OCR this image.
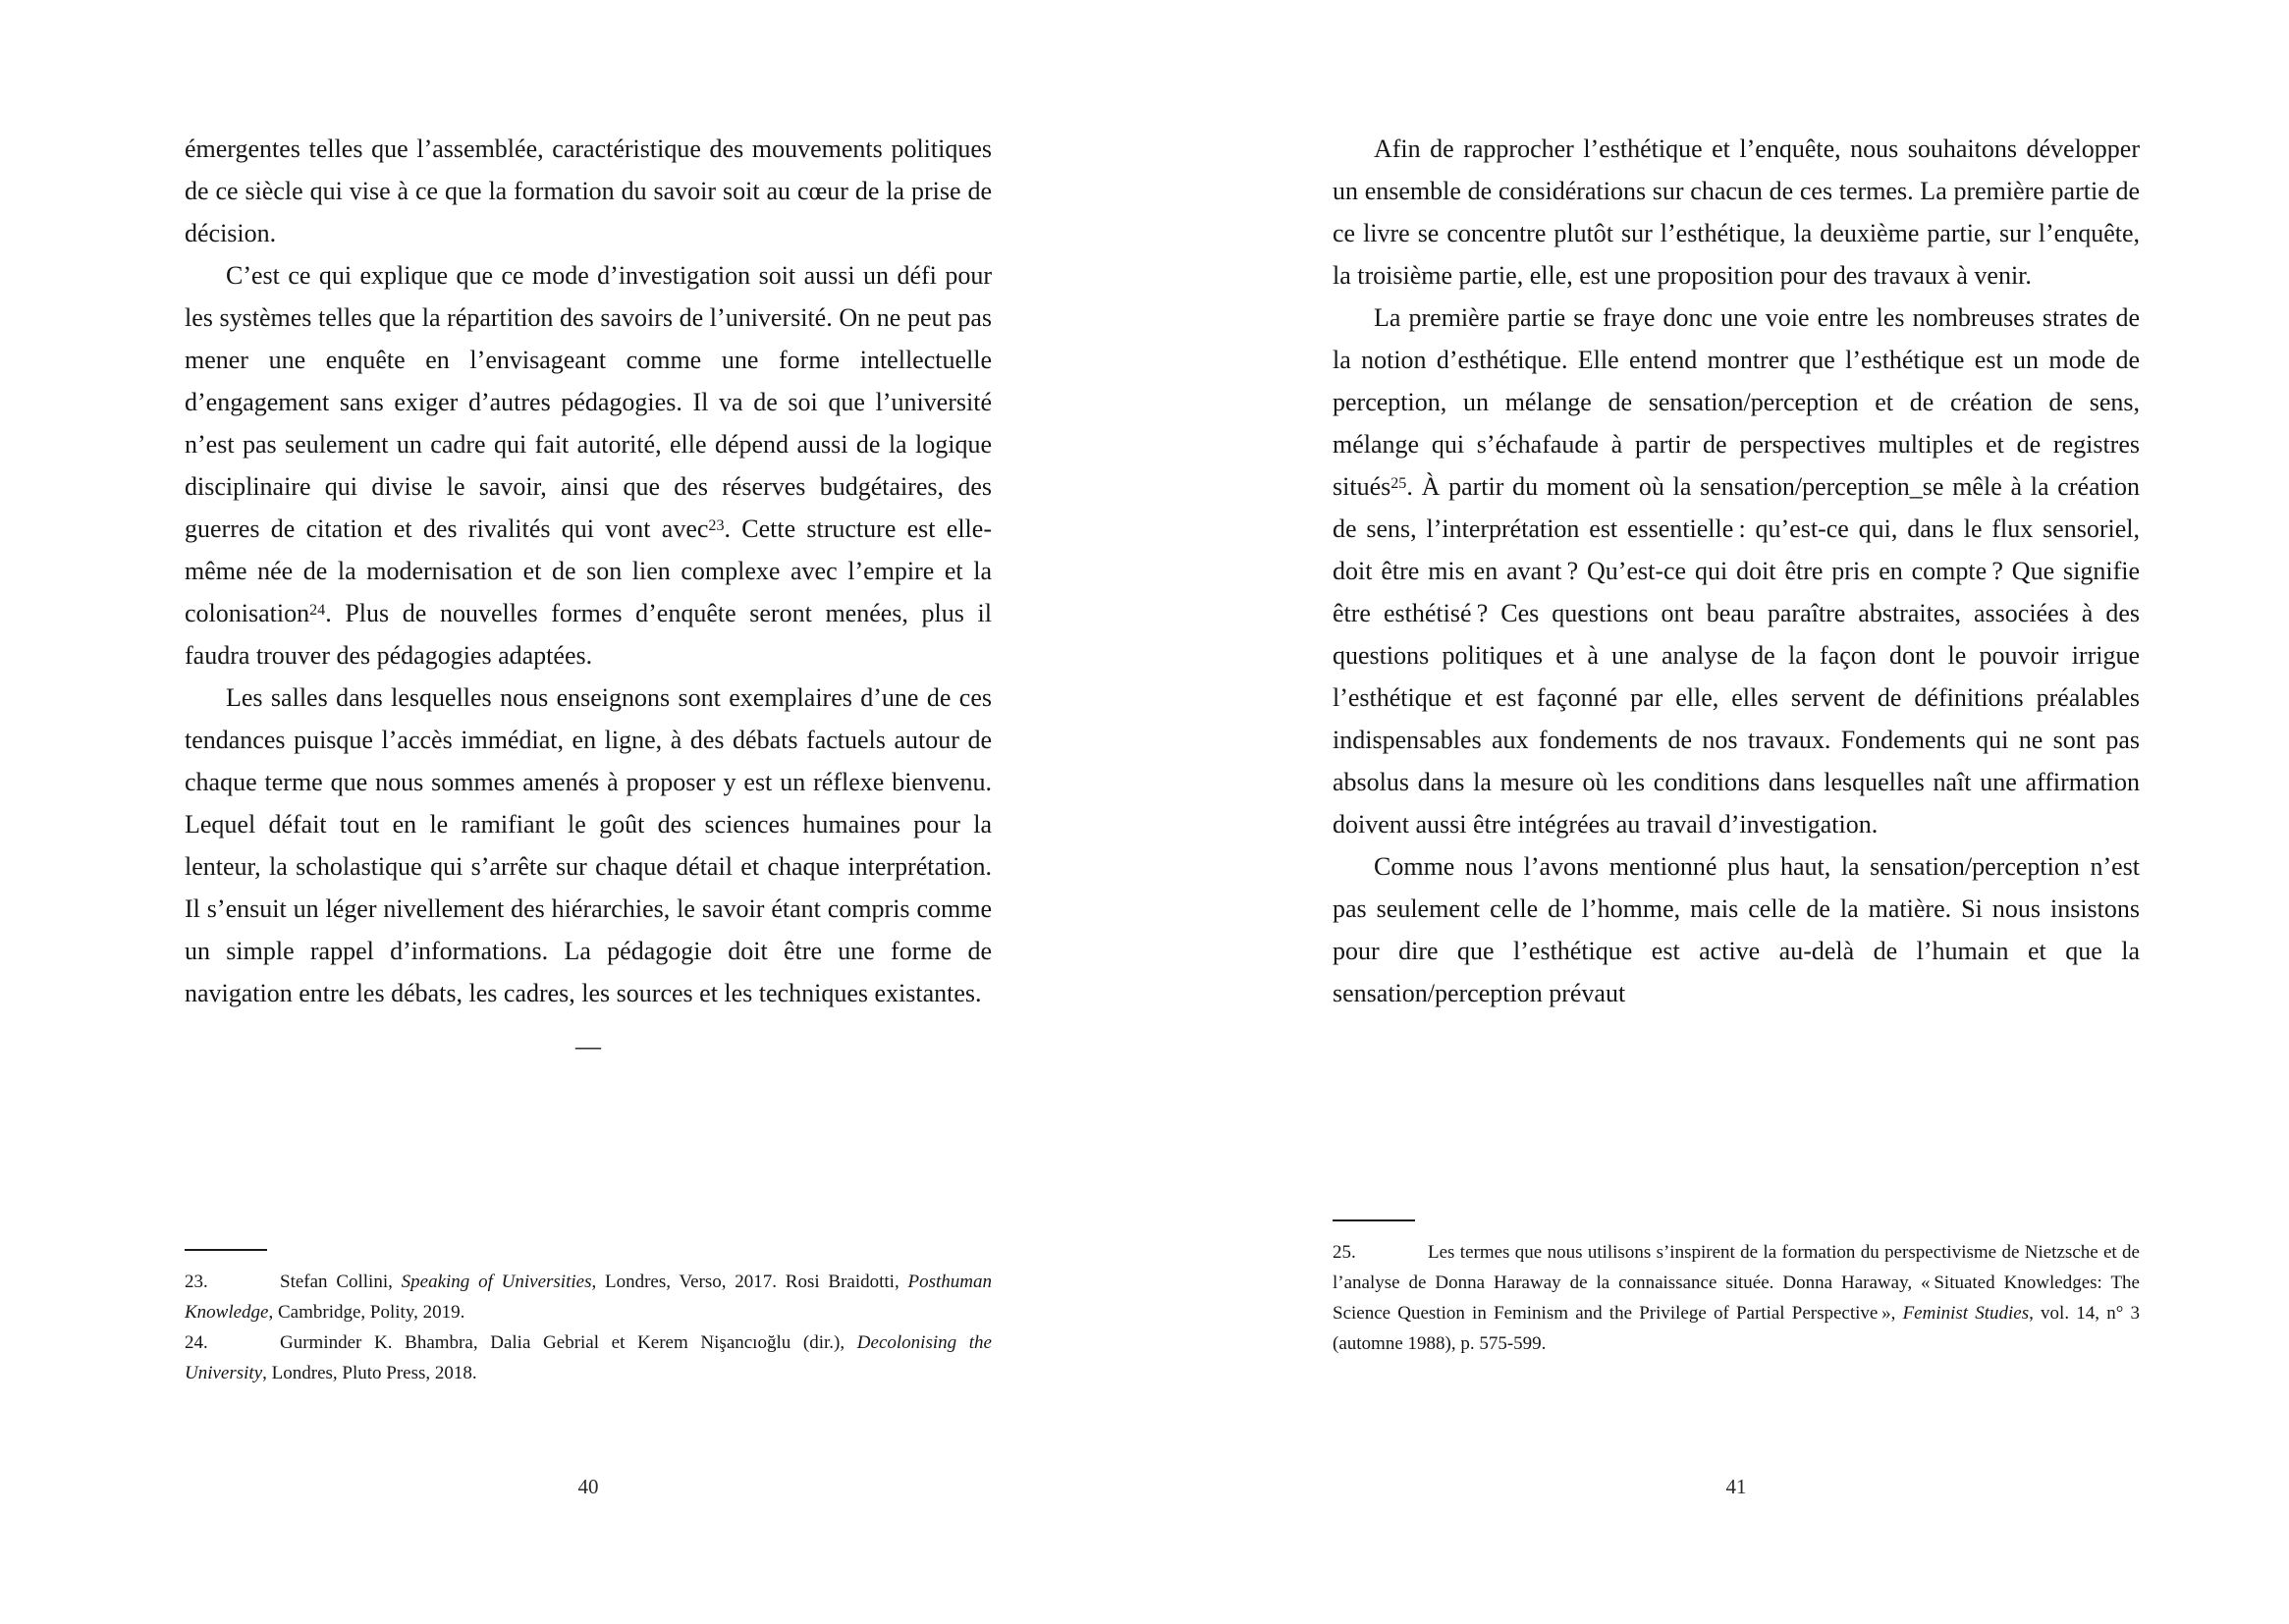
émergentes telles que l’assemblée, caractéristique des mouvements politiques de ce siècle qui vise à ce que la formation du savoir soit au cœur de la prise de décision.

C’est ce qui explique que ce mode d’investigation soit aussi un défi pour les systèmes telles que la répartition des savoirs de l’université. On ne peut pas mener une enquête en l’envisageant comme une forme intellectuelle d’engagement sans exiger d’autres pédagogies. Il va de soi que l’université n’est pas seulement un cadre qui fait autorité, elle dépend aussi de la logique disciplinaire qui divise le savoir, ainsi que des réserves budgétaires, des guerres de citation et des rivalités qui vont avec$^{23}$. Cette structure est elle-même née de la modernisation et de son lien complexe avec l’empire et la colonisation$^{24}$. Plus de nouvelles formes d’enquête seront menées, plus il faudra trouver des pédagogies adaptées.

Les salles dans lesquelles nous enseignons sont exemplaires d’une de ces tendances puisque l’accès immédiat, en ligne, à des débats factuels autour de chaque terme que nous sommes amenés à proposer y est un réflexe bienvenu. Lequel défait tout en le ramifiant le goût des sciences humaines pour la lenteur, la scholastique qui s’arrête sur chaque détail et chaque interprétation. Il s’ensuit un léger nivellement des hiérarchies, le savoir étant compris comme un simple rappel d’informations. La pédagogie doit être une forme de navigation entre les débats, les cadres, les sources et les techniques existantes.

—

23.	Stefan Collini, Speaking of Universities, Londres, Verso, 2017. Rosi Braidotti, Posthuman Knowledge, Cambridge, Polity, 2019.

24.	Gurminder K. Bhambra, Dalia Gebrial et Kerem Nişancıoğlu (dir.), Decolonising the University, Londres, Pluto Press, 2018.

40

Afin de rapprocher l’esthétique et l’enquête, nous souhaitons développer un ensemble de considérations sur chacun de ces termes. La première partie de ce livre se concentre plutôt sur l’esthétique, la deuxième partie, sur l’enquête, la troisième partie, elle, est une proposition pour des travaux à venir.

La première partie se fraye donc une voie entre les nombreuses strates de la notion d’esthétique. Elle entend montrer que l’esthétique est un mode de perception, un mélange de sensation/perception et de création de sens, mélange qui s’échafaude à partir de perspectives multiples et de registres situés$^{25}$. À partir du moment où la sensation/perception_se mêle à la création de sens, l’interprétation est essentielle : qu’est-ce qui, dans le flux sensoriel, doit être mis en avant ? Qu’est-ce qui doit être pris en compte ? Que signifie être esthétisé ? Ces questions ont beau paraître abstraites, associées à des questions politiques et à une analyse de la façon dont le pouvoir irrigue l’esthétique et est façonné par elle, elles servent de définitions préalables indispensables aux fondements de nos travaux. Fondements qui ne sont pas absolus dans la mesure où les conditions dans lesquelles naît une affirmation doivent aussi être intégrées au travail d’investigation.

Comme nous l’avons mentionné plus haut, la sensation/perception n’est pas seulement celle de l’homme, mais celle de la matière. Si nous insistons pour dire que l’esthétique est active au-delà de l’humain et que la sensation/perception prévaut

25.	Les termes que nous utilisons s’inspirent de la formation du perspectivisme de Nietzsche et de l’analyse de Donna Haraway de la connaissance située. Donna Haraway, « Situated Knowledges: The Science Question in Feminism and the Privilege of Partial Perspective », Feminist Studies, vol. 14, n° 3 (automne 1988), p. 575-599.

41
